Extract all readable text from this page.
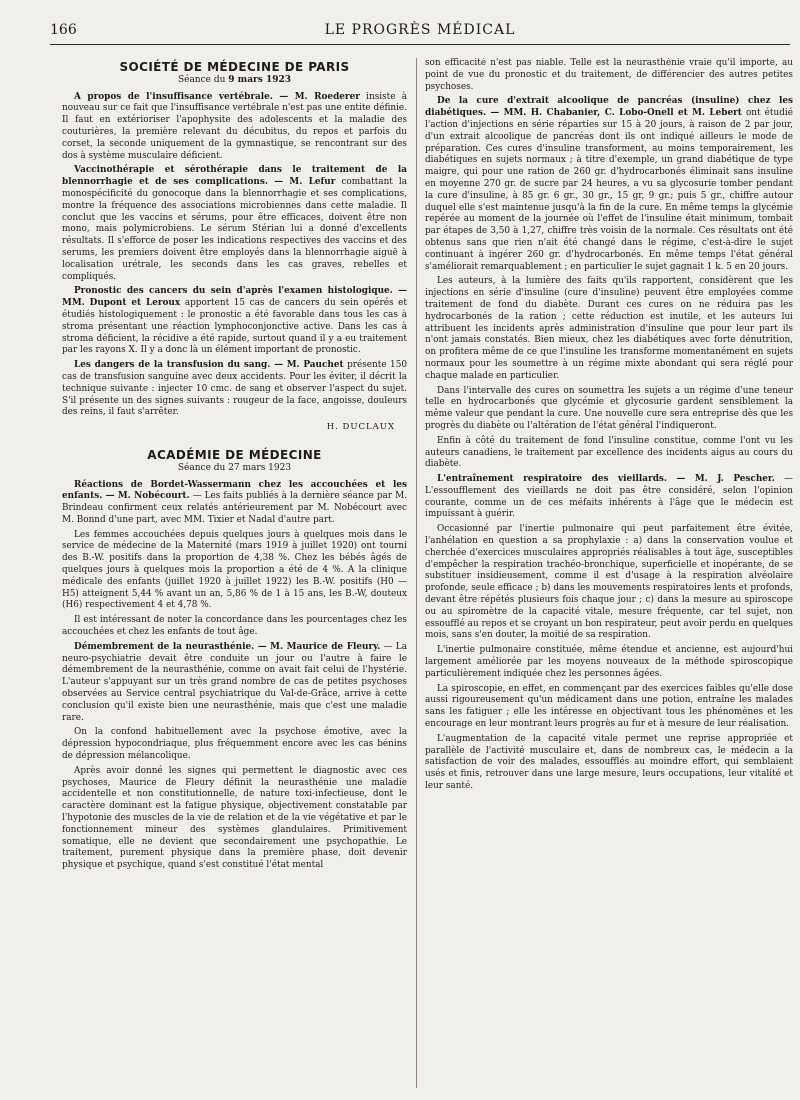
166	LE PROGRÈS MÉDICAL
SOCIÉTÉ DE MÉDECINE DE PARIS
Séance du 9 mars 1923

A propos de l'insuffisance vertébrale. — M. Roederer insiste à nouveau sur ce fait que l'insuffisance vertébrale n'est pas une entite définie. Il faut en extérioriser l'apophysite des adolescents et la maladie des couturières, la première relevant du décubitus, du repos et parfois du corset, la seconde uniquement de la gymnastique, se rencontrant sur des dos à système musculaire déficient.

Vaccinothérapie et sérothérapie dans le traitement de la blennorrhagie et de ses complications. — M. Lefur combattant la monospécificité du gonocoque dans la blennorrhagie et ses complications, montre la fréquence des associations microbiennes dans cette maladie. Il conclut que les vaccins et sérums, pour être efficaces, doivent être non mono, mais polymicrobiens. Le sérum Stérian lui a donné d'excellents résultats. Il s'efforce de poser les indications respectives des vaccins et des serums, les premiers doivent être employés dans la blennorrhagie aiguë à localisation urétrale, les seconds dans les cas graves, rebelles et compliqués.

Pronostic des cancers du sein d'après l'examen histologique. — MM. Dupont et Leroux apportent 15 cas de cancers du sein opérés et étudiés histologiquement : le pronostic a été favorable dans tous les cas à stroma présentant une réaction lymphoconjonctive active. Dans les cas à stroma déficient, la récidive a été rapide, surtout quand il y a eu traitement par les rayons X. Il y a donc là un élément important de pronostic.

Les dangers de la transfusion du sang. — M. Pauchet présente 150 cas de transfusion sanguine avec deux accidents. Pour les éviter, il décrit la technique suivante : injecter 10 cmc. de sang et observer l'aspect du sujet. S'il présente un des signes suivants : rougeur de la face, angoisse, douleurs des reins, il faut s'arrêter.

H. DUCLAUX
ACADÉMIE DE MÉDECINE
Séance du 27 mars 1923

Réactions de Bordet-Wassermann chez les accouchées et les enfants. — M. Nobécourt. — Les faits publiés à la dernière séance par M. Brindeau confirment ceux relatés antérieurement par M. Nobécourt avec M. Bonnd d'une part, avec MM. Tixier et Nadal d'autre part.

Les femmes accouchées depuis quelques jours à quelques mois dans le service de médecine de la Maternité (mars 1919 à juillet 1920) ont tourni des B.-W. positifs dans la proportion de 4,38 %. Chez les bébés âgés de quelques jours à quelques mois la proportion a été de 4 %. A la clinique médicale des enfants (juillet 1920 à juillet 1922) les B.-W. positifs (H0 — H5) atteignent 5,44 % avant un an, 5,86 % de 1 à 15 ans, les B.-W, douteux (H6) respectivement 4 et 4,78 %.

Il est intéressant de noter la concordance dans les pourcentages chez les accouchées et chez les enfants de tout âge.

Démembrement de la neurasthénie. — M. Maurice de Fleury. — La neuro-psychiatrie devait être conduite un jour ou l'autre à faire le démembrement de la neurasthénie, comme on avait fait celui de l'hystérie. L'auteur s'appuyant sur un très grand nombre de cas de petites psychoses observées au Service central psychiatrique du Val-de-Grâce, arrive à cette conclusion qu'il existe bien une neurasthénie, mais que c'est une maladie rare.

On la confond habituellement avec la psychose émotive, avec la dépression hypocondriaque, plus fréquemment encore avec les cas bénins de dépression mélancolique.

Après avoir donné les signes qui permettent le diagnostic avec ces psychoses, Maurice de Fleury définit la neurasthénie une maladie accidentelle et non constitutionnelle, de nature toxi-infectieuse, dont le caractère dominant est la fatigue physique, objectivement constatable par l'hypotonie des muscles de la vie de relation et de la vie végétative et par le fonctionnement mineur des systèmes glandulaires. Primitivement somatique, elle ne devient que secondairement une psychopathie. Le traitement, purement physique dans la première phase, doit devenir physique et psychique, quand s'est constitué l'état mental

son efficacité n'est pas niable. Telle est la neurasthénie vraie qu'il importe, au point de vue du pronostic et du traitement, de différencier des autres petites psychoses.

De la cure d'extrait alcoolique de pancréas (insuline) chez les diabétiques. — MM. H. Chabanier, C. Lobo-Onell et M. Lebert ont étudié l'action d'injections en série réparties sur 15 à 20 jours, à raison de 2 par jour, d'un extrait alcoolique de pancréas dont ils ont indiqué ailleurs le mode de préparation. Ces cures d'insuline transforment, au moins temporairement, les diabétiques en sujets normaux ; à titre d'exemple, un grand diabétique de type maigre, qui pour une ration de 260 gr. d'hydrocarbonés éliminait sans insuline en moyenne 270 gr. de sucre par 24 heures, a vu sa glycosurie tomber pendant la cure d'insuline, à 85 gr. 6 gr., 30 gr., 15 gr, 9 gr.; puis 5 gr., chiffre autour duquel elle s'est maintenue jusqu'à la fin de la cure. En même temps la glycémie repérée au moment de la journée où l'effet de l'insuline était minimum, tombait par étapes de 3,50 à 1,27, chiffre très voisin de la normale. Ces résultats ont été obtenus sans que rien n'ait été changé dans le régime, c'est-à-dire le sujet continuant à ingérer 260 gr. d'hydrocarbonés. En même temps l'état général s'améliorait remarquablement ; en particulier le sujet gagnait 1 k. 5 en 20 jours.

Les auteurs, à la lumière des faits qu'ils rapportent, considèrent que les injections en série d'insuline (cure d'insuline) peuvent être employées comme traitement de fond du diabète. Durant ces cures on ne réduira pas les hydrocarbonés de la ration ; cette réduction est inutile, et les auteurs lui attribuent les incidents après administration d'insuline que pour leur part ils n'ont jamais constatés. Bien mieux, chez les diabétiques avec forte dénutrition, on profitera même de ce que l'insuline les transforme momentanément en sujets normaux pour les soumettre à un régime mixte abondant qui sera réglé pour chaque malade en particulier.

Dans l'intervalle des cures on soumettra les sujets a un régime d'une teneur telle en hydrocarbonés que glycémie et glycosurie gardent sensiblement la même valeur que pendant la cure. Une nouvelle cure sera entreprise dès que les progrès du diabète ou l'altération de l'état général l'indiqueront.

Enfin à côté du traitement de fond l'insuline constitue, comme l'ont vu les auteurs canadiens, le traitement par excellence des incidents aigus au cours du diabète.

L'entraînement respiratoire des vieillards. — M. J. Pescher. — L'essoufflement des vieillards ne doit pas être considéré, selon l'opinion courante, comme un de ces méfaits inhérents à l'âge que le médecin est impuissant à guérir.

Occasionné par l'inertie pulmonaire qui peut parfaitement être évitée, l'anhélation en question a sa prophylaxie : a) dans la conservation voulue et cherchée d'exercices musculaires appropriés réalisables à tout âge, susceptibles d'empêcher la respiration trachéo-bronchique, superficielle et inopérante, de se substituer insidieusement, comme il est d'usage à la respiration alvéolaire profonde, seule efficace ; b) dans les mouvements respiratoires lents et profonds, devant être répétés plusieurs fois chaque jour ; c) dans la mesure au spiroscope ou au spiromètre de la capacité vitale, mesure fréquente, car tel sujet, non essoufflé au repos et se croyant un bon respirateur, peut avoir perdu en quelques mois, sans s'en douter, la moitié de sa respiration.

L'inertie pulmonaire constituée, même étendue et ancienne, est aujourd'hui largement améliorée par les moyens nouveaux de la méthode spiroscopique particulièrement indiquée chez les personnes âgées.

La spiroscopie, en effet, en commençant par des exercices faibles qu'elle dose aussi rigoureusement qu'un médicament dans une potion, entraîne les malades sans les fatiguer ; elle les intéresse en objectivant tous les phénomènes et les encourage en leur montrant leurs progrès au fur et à mesure de leur réalisation.

L'augmentation de la capacité vitale permet une reprise appropriée et parallèle de l'activité musculaire et, dans de nombreux cas, le médecin a la satisfaction de voir des malades, essoufflés au moindre effort, qui semblaient usés et finis, retrouver dans une large mesure, leurs occupations, leur vitalité et leur santé.
